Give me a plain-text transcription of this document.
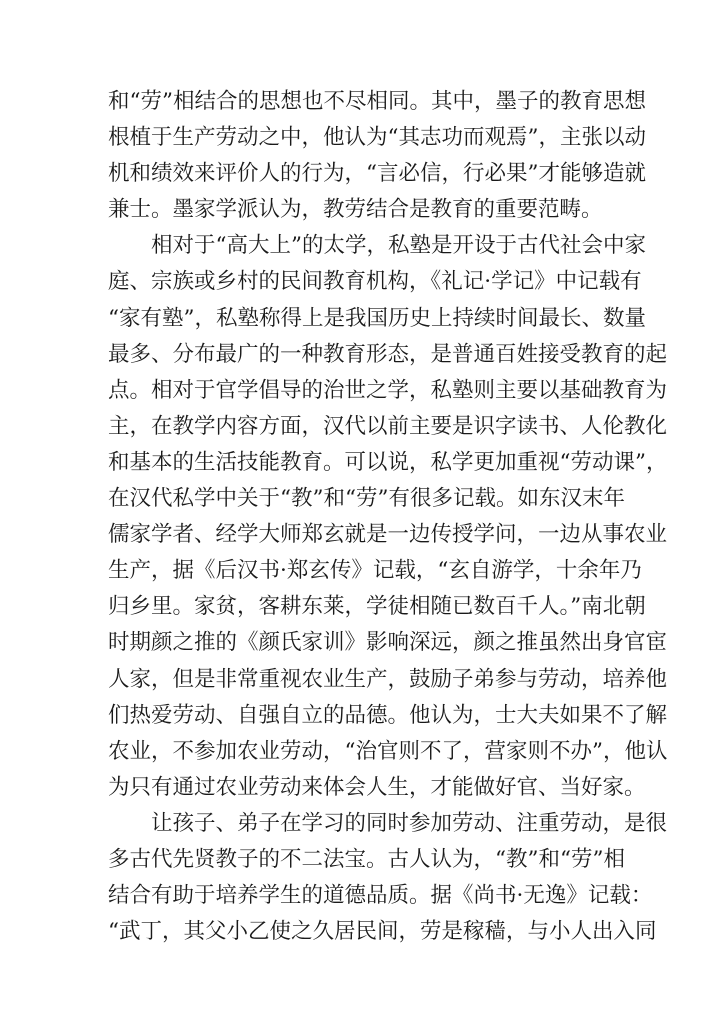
和“劳”相结合的思想也不尽相同。其中，墨子的教育思想
根植于生产劳动之中，他认为“其志功而观焉”，主张以动
机和绩效来评价人的行为，“言必信，行必果”才能够造就
兼士。墨家学派认为，教劳结合是教育的重要范畴。
相对于“高大上”的太学，私塾是开设于古代社会中家
庭、宗族或乡村的民间教育机构，《礼记·学记》中记载有
“家有塾”，私塾称得上是我国历史上持续时间最长、数量
最多、分布最广的一种教育形态，是普通百姓接受教育的起
点。相对于官学倡导的治世之学，私塾则主要以基础教育为
主，在教学内容方面，汉代以前主要是识字读书、人伦教化
和基本的生活技能教育。可以说，私学更加重视“劳动课”，
在汉代私学中关于“教”和“劳”有很多记载。如东汉末年
儒家学者、经学大师郑玄就是一边传授学问，一边从事农业
生产，据《后汉书·郑玄传》记载，“玄自游学，十余年乃
归乡里。家贫，客耕东莱，学徒相随已数百千人。”南北朝
时期颜之推的《颜氏家训》影响深远，颜之推虽然出身官宦
人家，但是非常重视农业生产，鼓励子弟参与劳动，培养他
们热爱劳动、自强自立的品德。他认为，士大夫如果不了解
农业，不参加农业劳动，“治官则不了，营家则不办”，他认
为只有通过农业劳动来体会人生，才能做好官、当好家。
让孩子、弟子在学习的同时参加劳动、注重劳动，是很
多古代先贤教子的不二法宝。古人认为，“教”和“劳”相
结合有助于培养学生的道德品质。据《尚书·无逸》记载：
“武丁，其父小乙使之久居民间，劳是稼穑，与小人出入同
